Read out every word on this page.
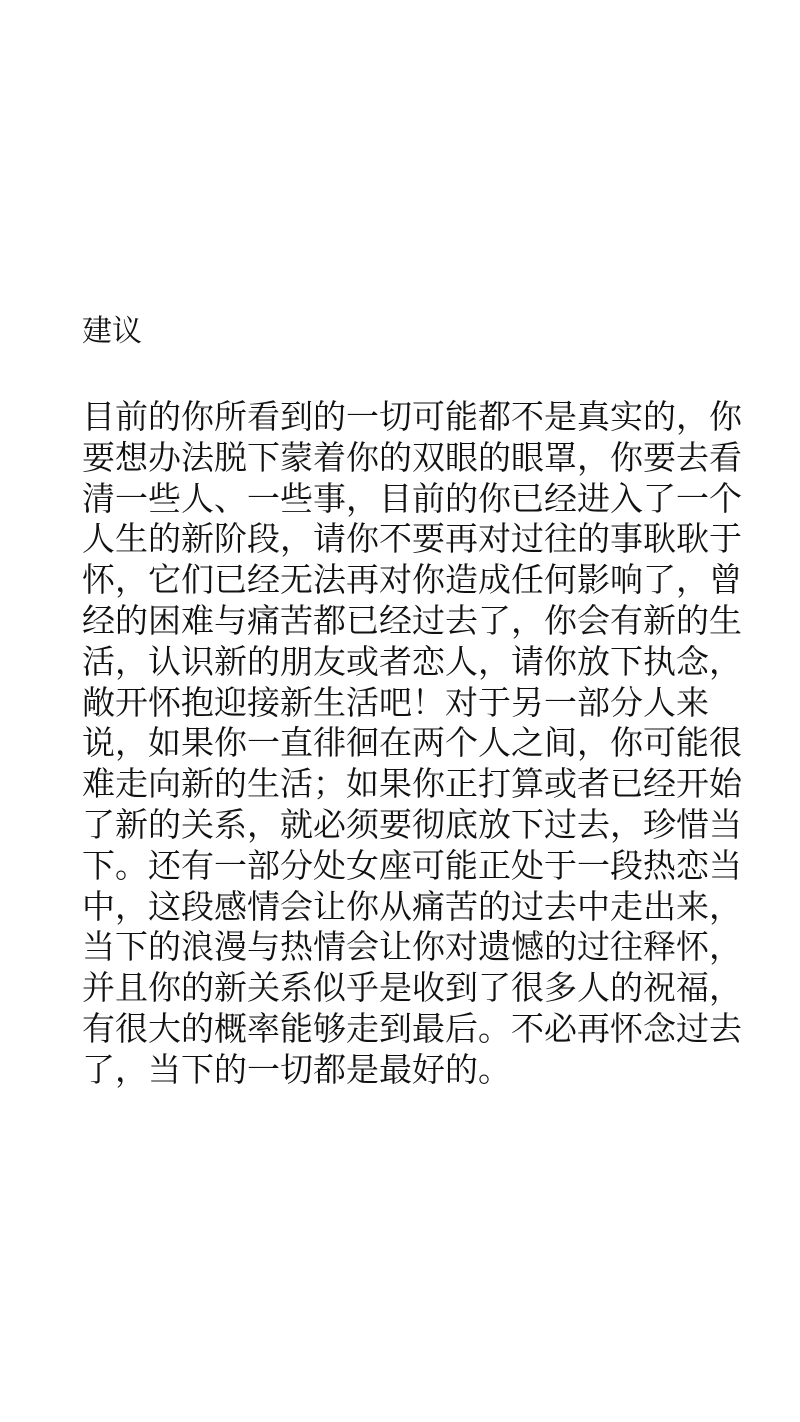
建议
目前的你所看到的一切可能都不是真实的，你
要想办法脱下蒙着你的双眼的眼罩，你要去看
清一些人、一些事，目前的你已经进入了一个
人生的新阶段，请你不要再对过往的事耿耿于
怀，它们已经无法再对你造成任何影响了，曾
经的困难与痛苦都已经过去了，你会有新的生
活，认识新的朋友或者恋人，请你放下执念，
敞开怀抱迎接新生活吧！对于另一部分人来
说，如果你一直徘徊在两个人之间，你可能很
难走向新的生活；如果你正打算或者已经开始
了新的关系，就必须要彻底放下过去，珍惜当
下。还有一部分处女座可能正处于一段热恋当
中，这段感情会让你从痛苦的过去中走出来，
当下的浪漫与热情会让你对遗憾的过往释怀，
并且你的新关系似乎是收到了很多人的祝福，
有很大的概率能够走到最后。不必再怀念过去
了，当下的一切都是最好的。
